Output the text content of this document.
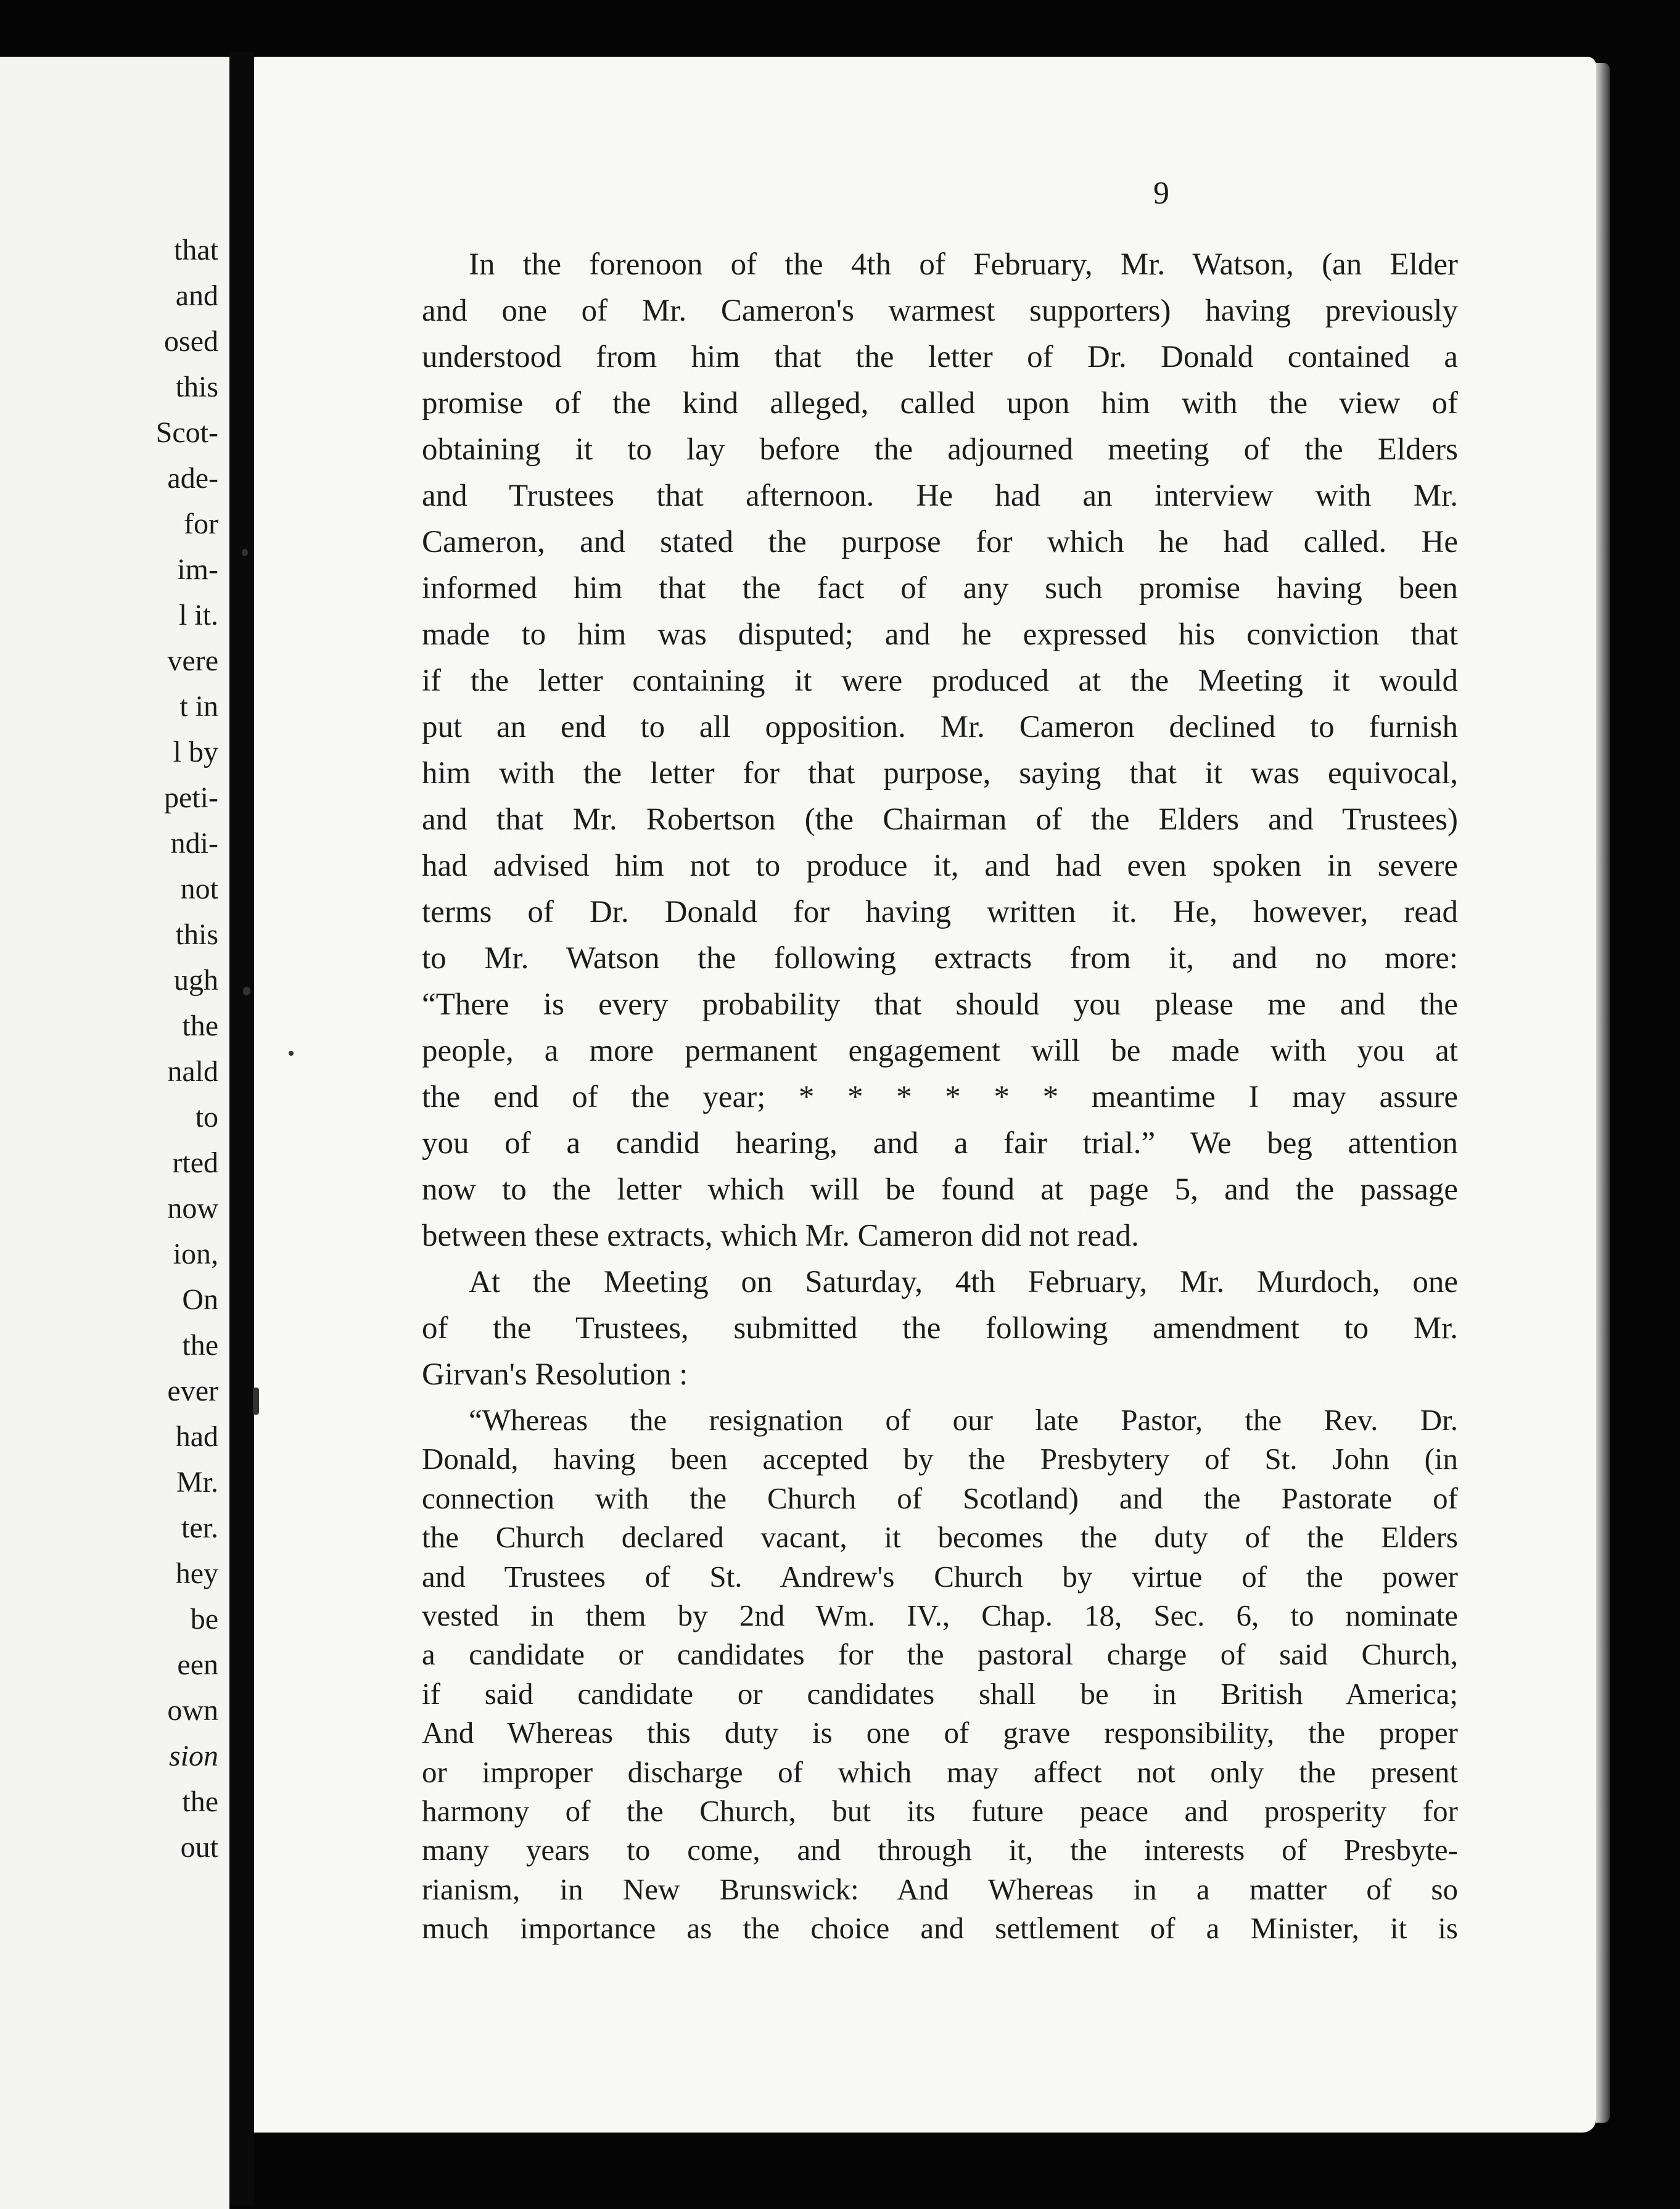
that
and
osed
this
Scot-
ade-
for
im-
l it.
vere
t in
l by
peti-
ndi-
not
this
ugh
the
nald
to
rted
now
ion,
On
the
ever
had
Mr.
ter.
hey
be
een
own
sion
the
out
9
In the forenoon of the 4th of February, Mr. Watson, (an Elder
and one of Mr. Cameron's warmest supporters) having previously
understood from him that the letter of Dr. Donald contained a
promise of the kind alleged, called upon him with the view of
obtaining it to lay before the adjourned meeting of the Elders
and Trustees that afternoon. He had an interview with Mr.
Cameron, and stated the purpose for which he had called. He
informed him that the fact of any such promise having been
made to him was disputed; and he expressed his conviction that
if the letter containing it were produced at the Meeting it would
put an end to all opposition. Mr. Cameron declined to furnish
him with the letter for that purpose, saying that it was equivocal,
and that Mr. Robertson (the Chairman of the Elders and Trustees)
had advised him not to produce it, and had even spoken in severe
terms of Dr. Donald for having written it. He, however, read
to Mr. Watson the following extracts from it, and no more:
“There is every probability that should you please me and the
people, a more permanent engagement will be made with you at
the end of the year; * * * * * * meantime I may assure
you of a candid hearing, and a fair trial.” We beg attention
now to the letter which will be found at page 5, and the passage
between these extracts, which Mr. Cameron did not read.
At the Meeting on Saturday, 4th February, Mr. Murdoch, one
of the Trustees, submitted the following amendment to Mr.
Girvan's Resolution :
“Whereas the resignation of our late Pastor, the Rev. Dr.
Donald, having been accepted by the Presbytery of St. John (in
connection with the Church of Scotland) and the Pastorate of
the Church declared vacant, it becomes the duty of the Elders
and Trustees of St. Andrew's Church by virtue of the power
vested in them by 2nd Wm. IV., Chap. 18, Sec. 6, to nominate
a candidate or candidates for the pastoral charge of said Church,
if said candidate or candidates shall be in British America;
And Whereas this duty is one of grave responsibility, the proper
or improper discharge of which may affect not only the present
harmony of the Church, but its future peace and prosperity for
many years to come, and through it, the interests of Presbyte-
rianism, in New Brunswick: And Whereas in a matter of so
much importance as the choice and settlement of a Minister, it is
